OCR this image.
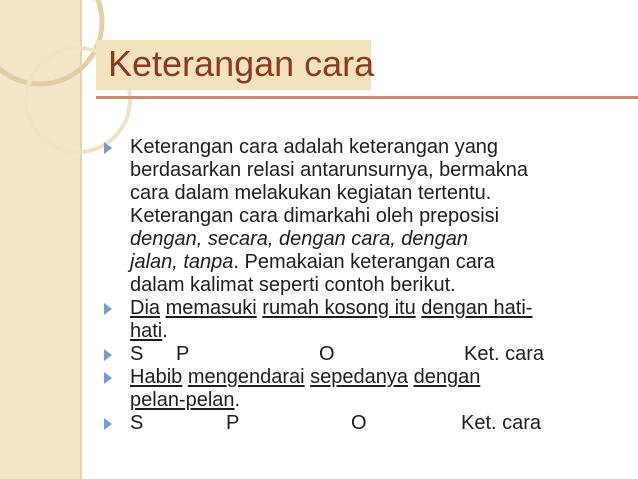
Keterangan cara
Keterangan cara adalah keterangan yang
berdasarkan relasi antarunsurnya, bermakna
cara dalam melakukan kegiatan tertentu.
Keterangan cara dimarkahi oleh preposisi
dengan, secara, dengan cara, dengan
jalan, tanpa. Pemakaian keterangan cara
dalam kalimat seperti contoh berikut.
Dia memasuki rumah kosong itu dengan hati-
hati.
S P	O	Ket. cara
Habib mengendarai sepedanya dengan
pelan-pelan.
S	P	O	Ket. cara
